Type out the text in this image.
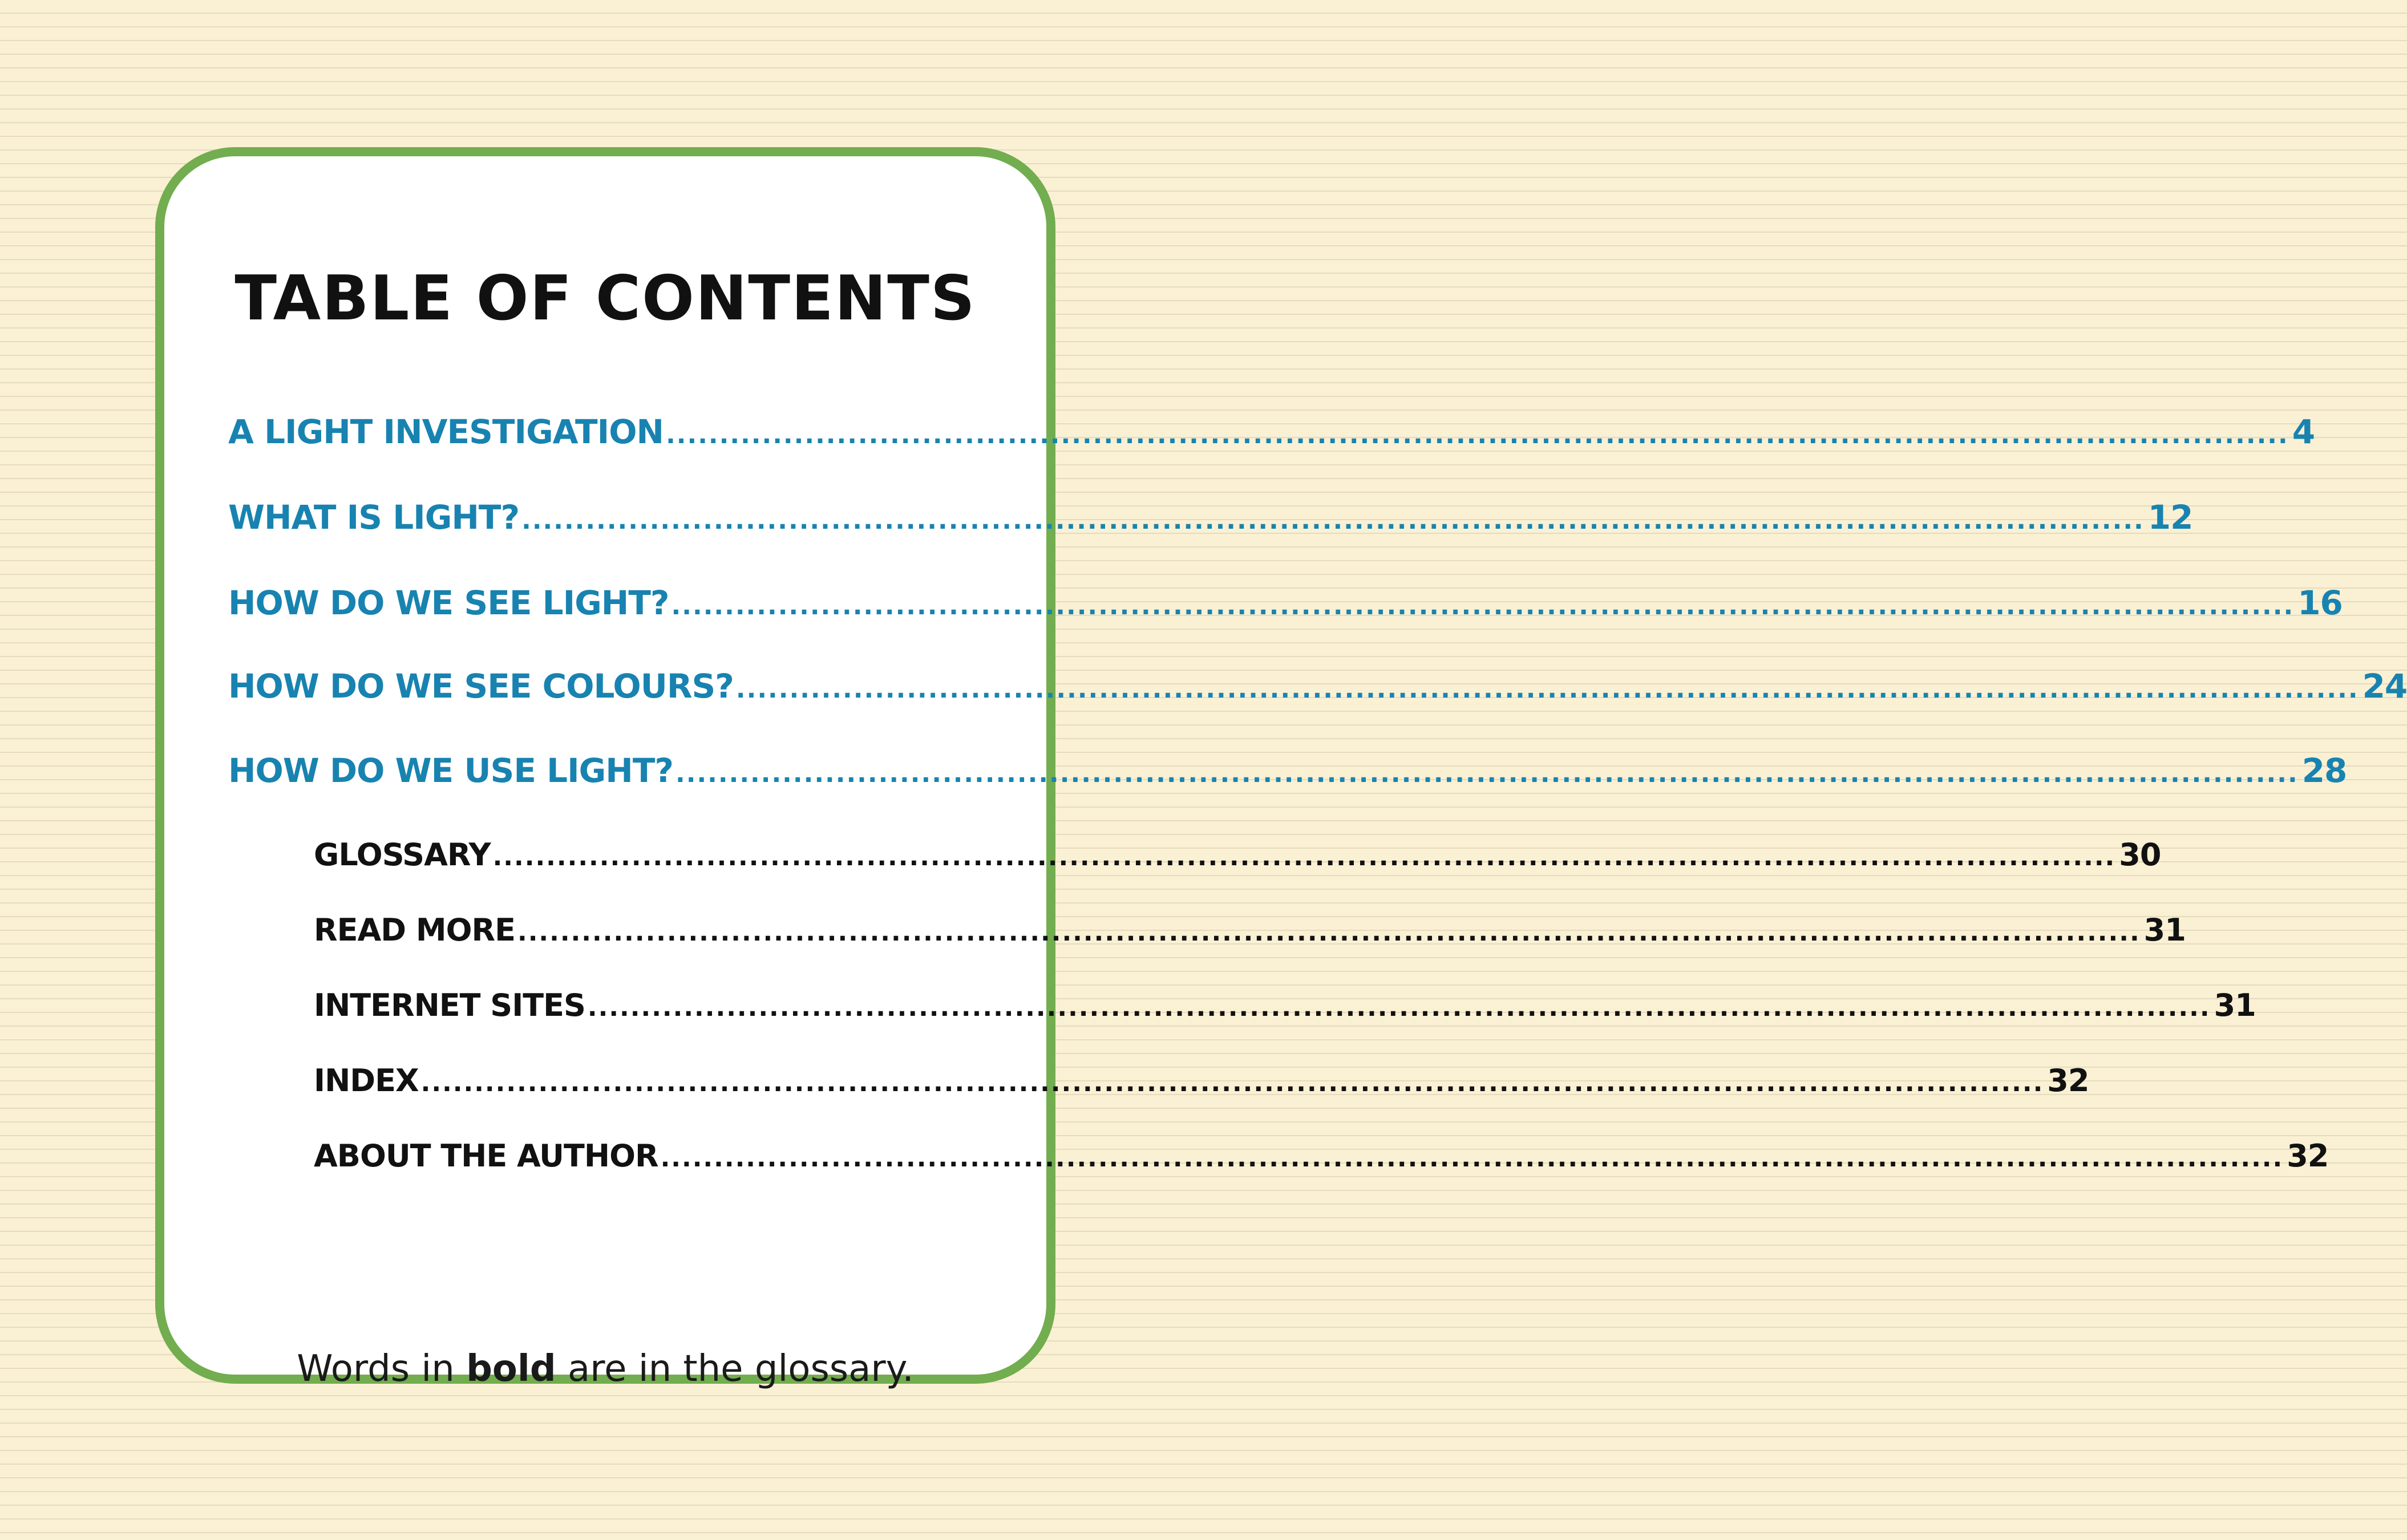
TABLE OF CONTENTS
A LIGHT INVESTIGATION ........................................................................................................................................................ 4
WHAT IS LIGHT? ........................................................................................................................................................ 12
HOW DO WE SEE LIGHT? ........................................................................................................................................................ 16
HOW DO WE SEE COLOURS? ........................................................................................................................................................ 24
HOW DO WE USE LIGHT? ........................................................................................................................................................ 28
GLOSSARY ........................................................................................................................................................ 30
READ MORE ........................................................................................................................................................ 31
INTERNET SITES ........................................................................................................................................................ 31
INDEX ........................................................................................................................................................ 32
ABOUT THE AUTHOR ........................................................................................................................................................ 32

Words in bold are in the glossary.
